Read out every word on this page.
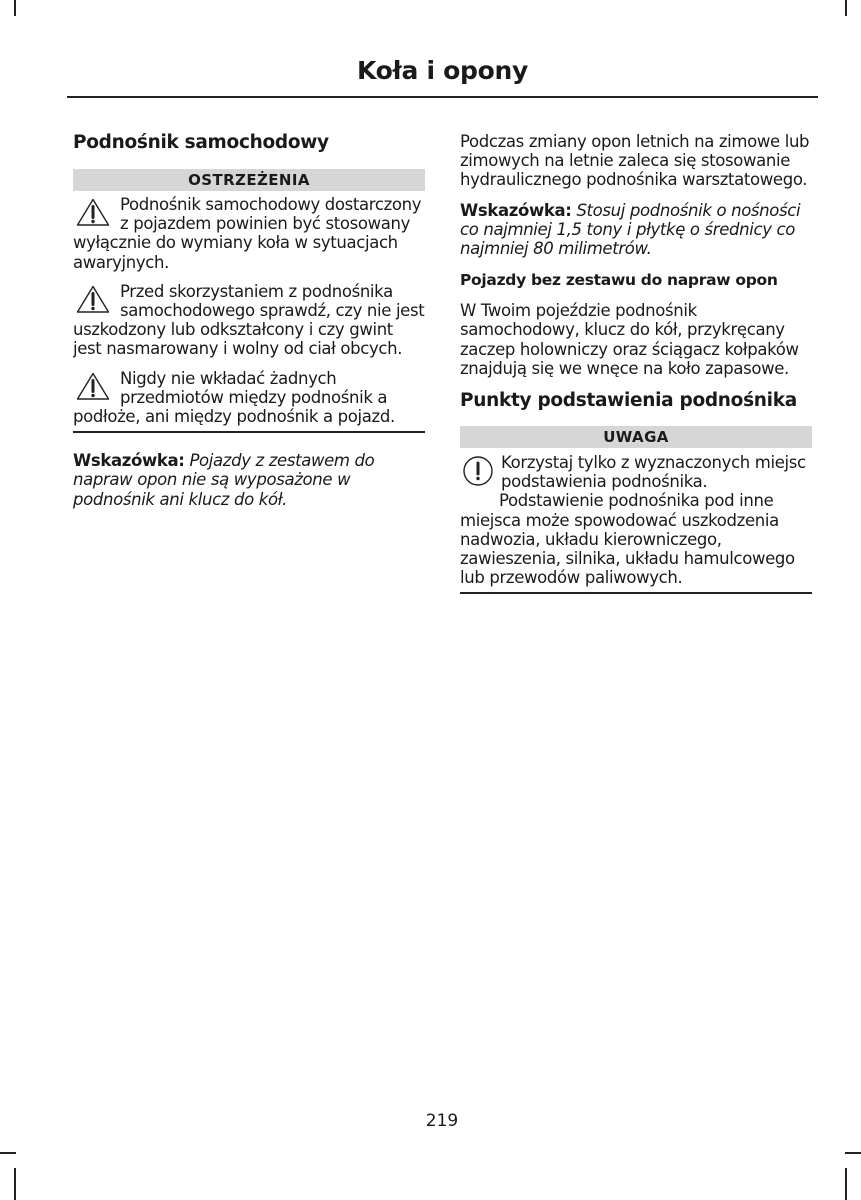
Koła i opony
Podnośnik samochodowy
OSTRZEŻENIA

Podnośnik samochodowy dostarczony z pojazdem powinien być stosowany wyłącznie do wymiany koła w sytuacjach awaryjnych.

Przed skorzystaniem z podnośnika samochodowego sprawdź, czy nie jest uszkodzony lub odkształcony i czy gwint jest nasmarowany i wolny od ciał obcych.

Nigdy nie wkładać żadnych przedmiotów między podnośnik a podłoże, ani między podnośnik a pojazd.

Wskazówka: Pojazdy z zestawem do napraw opon nie są wyposażone w podnośnik ani klucz do kół.

Podczas zmiany opon letnich na zimowe lub zimowych na letnie zaleca się stosowanie hydraulicznego podnośnika warsztatowego.

Wskazówka: Stosuj podnośnik o nośności co najmniej 1,5 tony i płytkę o średnicy co najmniej 80 milimetrów.

Pojazdy bez zestawu do napraw opon

W Twoim pojeździe podnośnik samochodowy, klucz do kół, przykręcany zaczep holowniczy oraz ściągacz kołpaków znajdują się we wnęce na koło zapasowe.

Punkty podstawienia podnośnika
UWAGA

Korzystaj tylko z wyznaczonych miejsc podstawienia podnośnika.

Podstawienie podnośnika pod inne miejsca może spowodować uszkodzenia nadwozia, układu kierowniczego, zawieszenia, silnika, układu hamulcowego lub przewodów paliwowych.

219
